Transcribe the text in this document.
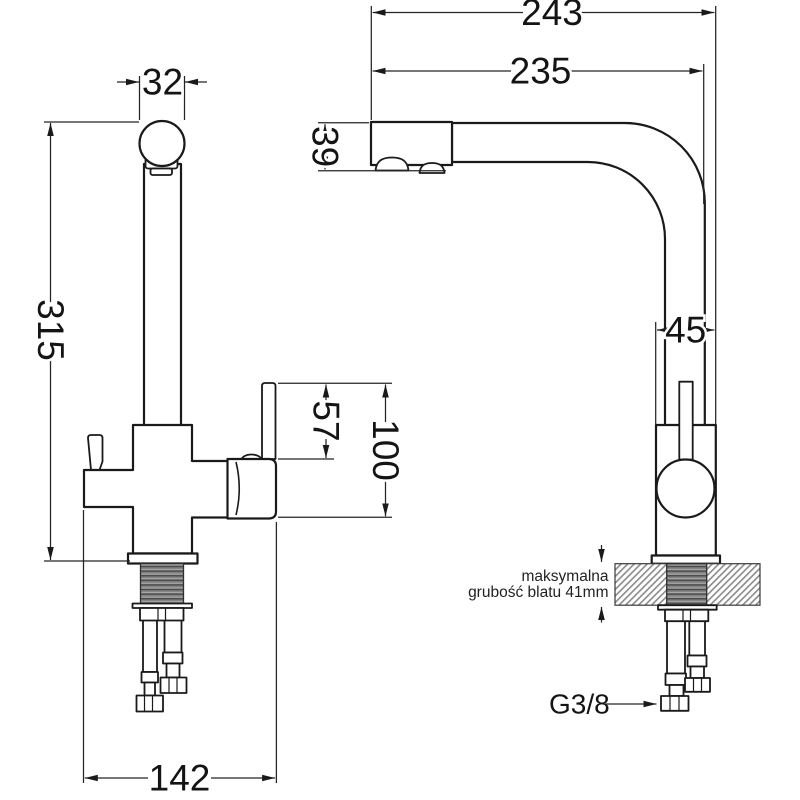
32
315
57 100
142
243
235
39
45
maksymalna
grubość blatu 41mm
G3/8
